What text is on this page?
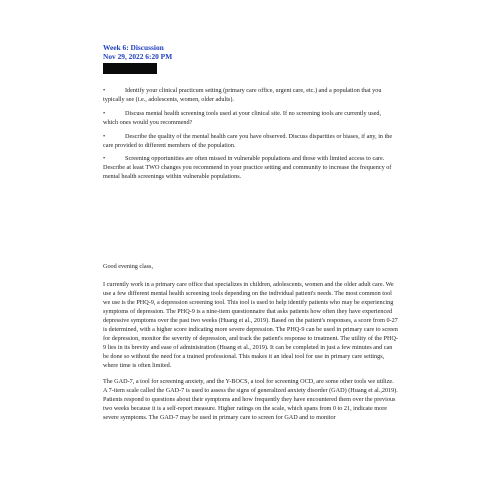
Week 6: Discussion
Nov 29, 2022 6:20 PM
•	Identify your clinical practicum setting (primary care office, urgent care, etc.) and a population that you typically see (i.e., adolescents, women, older adults).
•	Discuss mental health screening tools used at your clinical site. If no screening tools are currently used, which ones would you recommend?
•	Describe the quality of the mental health care you have observed. Discuss disparities or biases, if any, in the care provided to different members of the population.
•	Screening opportunities are often missed in vulnerable populations and those with limited access to care. Describe at least TWO changes you recommend in your practice setting and community to increase the frequency of mental health screenings within vulnerable populations.

Good evening class,

I currently work in a primary care office that specializes in children, adolescents, women and the older adult care. We use a few different mental health screening tools depending on the individual patient's needs. The most common tool we use is the PHQ-9, a depression screening tool. This tool is used to help identify patients who may be experiencing symptoms of depression. The PHQ-9 is a nine-item questionnaire that asks patients how often they have experienced depressive symptoms over the past two weeks (Huang et al., 2019). Based on the patient's responses, a score from 0-27 is determined, with a higher score indicating more severe depression. The PHQ-9 can be used in primary care to screen for depression, monitor the severity of depression, and track the patient's response to treatment. The utility of the PHQ-9 lies in its brevity and ease of administration (Huang et al., 2019). It can be completed in just a few minutes and can be done so without the need for a trained professional. This makes it an ideal tool for use in primary care settings, where time is often limited.

The GAD-7, a tool for screening anxiety, and the Y-BOCS, a tool for screening OCD, are some other tools we utilize. A 7-item scale called the GAD-7 is used to assess the signs of generalized anxiety disorder (GAD) (Huang et al.,2019). Patients respond to questions about their symptoms and how frequently they have encountered them over the previous two weeks because it is a self-report measure. Higher ratings on the scale, which spans from 0 to 21, indicate more severe symptoms. The GAD-7 may be used in primary care to screen for GAD and to monitor
